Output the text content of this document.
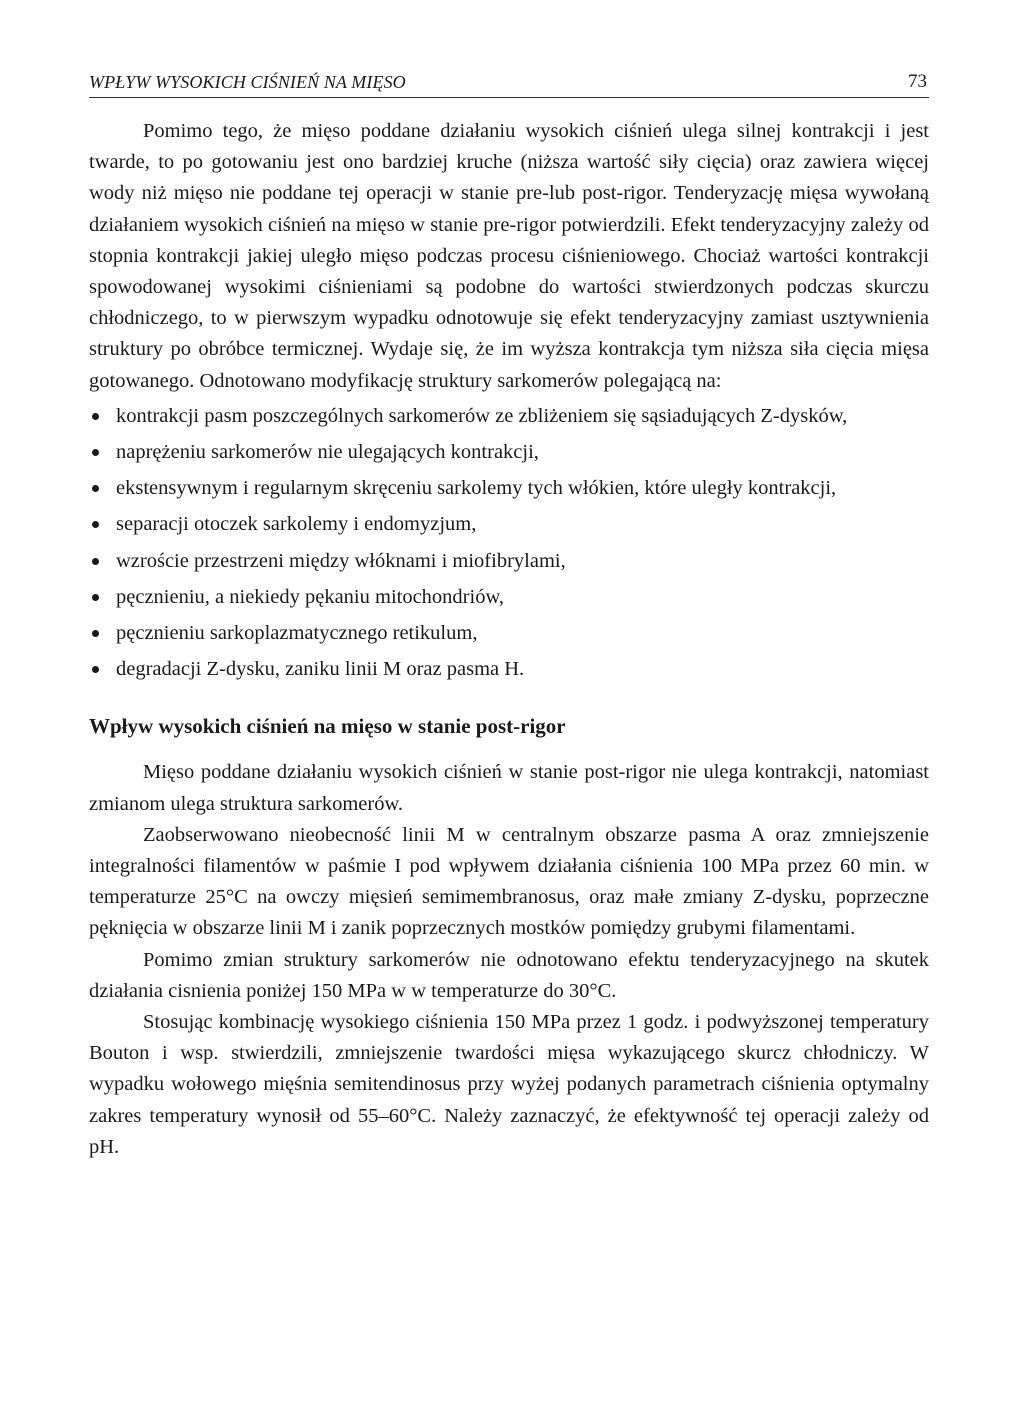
WPŁYW WYSOKICH CIŚNIEŃ NA MIĘSO	73

Pomimo tego, że mięso poddane działaniu wysokich ciśnień ulega silnej kontrakcji i jest twarde, to po gotowaniu jest ono bardziej kruche (niższa wartość siły cięcia) oraz zawiera więcej wody niż mięso nie poddane tej operacji w stanie pre-lub post-rigor. Tenderyzację mięsa wywołaną działaniem wysokich ciśnień na mięso w stanie pre-rigor potwierdzili. Efekt tenderyzacyjny zależy od stopnia kontrakcji jakiej uległo mięso podczas procesu ciśnieniowego. Chociaż wartości kontrakcji spowodowanej wysokimi ciśnieniami są podobne do wartości stwierdzonych podczas skurczu chłodniczego, to w pierwszym wypadku odnotowuje się efekt tenderyzacyjny zamiast usztywnienia struktury po obróbce termicznej. Wydaje się, że im wyższa kontrakcja tym niższa siła cięcia mięsa gotowanego. Odnotowano modyfikację struktury sarkomerów polegającą na:

kontrakcji pasm poszczególnych sarkomerów ze zbliżeniem się sąsiadujących Z-dysków,
naprężeniu sarkomerów nie ulegających kontrakcji,
ekstensywnym i regularnym skręceniu sarkolemy tych włókien, które uległy kontrakcji,
separacji otoczek sarkolemy i endomyzjum,
wzroście przestrzeni między włóknami i miofibrylami,
pęcznieniu, a niekiedy pękaniu mitochondriów,
pęcznieniu sarkoplazmatycznego retikulum,
degradacji Z-dysku, zaniku linii M oraz pasma H.
Wpływ wysokich ciśnień na mięso w stanie post-rigor

Mięso poddane działaniu wysokich ciśnień w stanie post-rigor nie ulega kontrakcji, natomiast zmianom ulega struktura sarkomerów.

Zaobserwowano nieobecność linii M w centralnym obszarze pasma A oraz zmniejszenie integralności filamentów w paśmie I pod wpływem działania ciśnienia 100 MPa przez 60 min. w temperaturze 25°C na owczy mięsień semimembranosus, oraz małe zmiany Z-dysku, poprzeczne pęknięcia w obszarze linii M i zanik poprzecznych mostków pomiędzy grubymi filamentami.

Pomimo zmian struktury sarkomerów nie odnotowano efektu tenderyzacyjnego na skutek działania cisnienia poniżej 150 MPa w w temperaturze do 30°C.

Stosując kombinację wysokiego ciśnienia 150 MPa przez 1 godz. i podwyższonej temperatury Bouton i wsp. stwierdzili, zmniejszenie twardości mięsa wykazującego skurcz chłodniczy. W wypadku wołowego mięśnia semitendinosus przy wyżej podanych parametrach ciśnienia optymalny zakres temperatury wynosił od 55–60°C. Należy zaznaczyć, że efektywność tej operacji zależy od pH.
